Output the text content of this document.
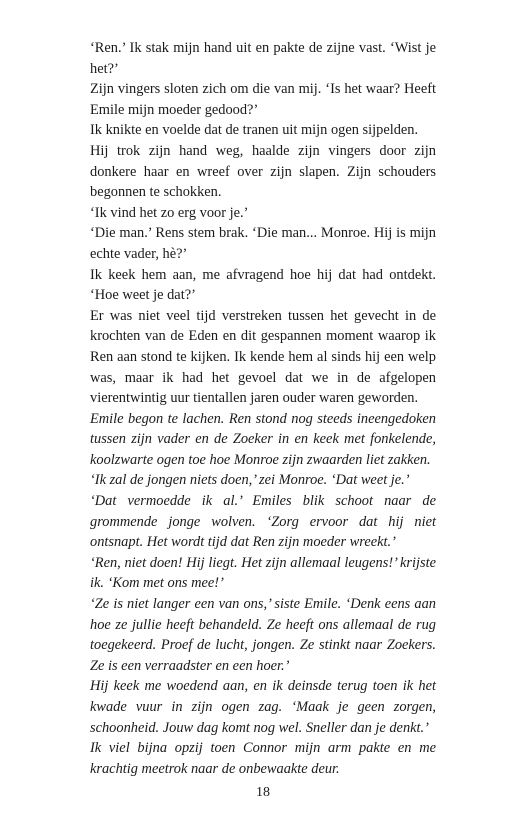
‘Ren.’ Ik stak mijn hand uit en pakte de zijne vast. ‘Wist je het?’

Zijn vingers sloten zich om die van mij. ‘Is het waar? Heeft Emile mijn moeder gedood?’

Ik knikte en voelde dat de tranen uit mijn ogen sijpelden.

Hij trok zijn hand weg, haalde zijn vingers door zijn donkere haar en wreef over zijn slapen. Zijn schouders begonnen te schokken.

‘Ik vind het zo erg voor je.’

‘Die man.’ Rens stem brak. ‘Die man... Monroe. Hij is mijn echte vader, hè?’

Ik keek hem aan, me afvragend hoe hij dat had ontdekt. ‘Hoe weet je dat?’

Er was niet veel tijd verstreken tussen het gevecht in de krochten van de Eden en dit gespannen moment waarop ik Ren aan stond te kijken. Ik kende hem al sinds hij een welp was, maar ik had het gevoel dat we in de afgelopen vierentwintig uur tientallen jaren ouder waren geworden.

Emile begon te lachen. Ren stond nog steeds ineengedoken tussen zijn vader en de Zoeker in en keek met fonkelende, koolzwarte ogen toe hoe Monroe zijn zwaarden liet zakken.

‘Ik zal de jongen niets doen,’ zei Monroe. ‘Dat weet je.’

‘Dat vermoedde ik al.’ Emiles blik schoot naar de grommende jonge wolven. ‘Zorg ervoor dat hij niet ontsnapt. Het wordt tijd dat Ren zijn moeder wreekt.’

‘Ren, niet doen! Hij liegt. Het zijn allemaal leugens!’ krijste ik. ‘Kom met ons mee!’

‘Ze is niet langer een van ons,’ siste Emile. ‘Denk eens aan hoe ze jullie heeft behandeld. Ze heeft ons allemaal de rug toegekeerd. Proef de lucht, jongen. Ze stinkt naar Zoekers. Ze is een verraadster en een hoer.’

Hij keek me woedend aan, en ik deinsde terug toen ik het kwade vuur in zijn ogen zag. ‘Maak je geen zorgen, schoonheid. Jouw dag komt nog wel. Sneller dan je denkt.’

Ik viel bijna opzij toen Connor mijn arm pakte en me krachtig meetrok naar de onbewaakte deur.

18
